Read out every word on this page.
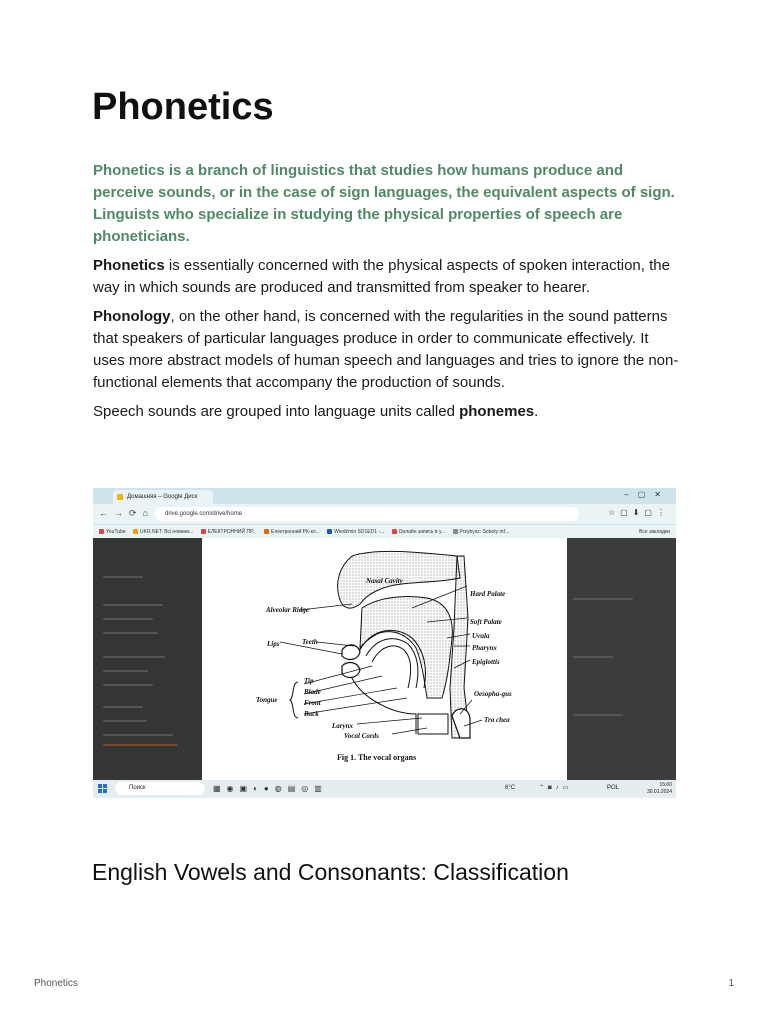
Phonetics

Phonetics is a branch of linguistics that studies how humans produce and perceive sounds, or in the case of sign languages, the equivalent aspects of sign. Linguists who specialize in studying the physical properties of speech are phoneticians.

Phonetics is essentially concerned with the physical aspects of spoken interaction, the way in which sounds are produced and transmitted from speaker to hearer.

Phonology, on the other hand, is concerned with the regularities in the sound patterns that speakers of particular languages produce in order to communicate effectively. It uses more abstract models of human speech and languages and tries to ignore the non-functional elements that accompany the production of sounds.

Speech sounds are grouped into language units called phonemes.

Домашняя – Google Диск	–▢✕
←→⟳⌂	drive.google.com/drive/home	☆▢⬇▢⋮
YouTube	UKR.NET: Всі новини...	ЕЛЕКТРОННИЙ ПР...	Електронний РК-ко...	Wiedźmin SD1ED1 -...	Онлайн запись в у...	Przybysz: Soboty inf...	Все закладки
Nasal Cavity
Hard Palate
Alveolar Ridge
Soft Palate
Lips	Teeth
Uvula
Pharynx
Epiglottis
Tip
Blade
Tongue	Front
Back
Oesopha-gus
Larynx
Tra chea
Vocal Cords
Fig 1. The vocal organs
Поиск	▦◉▣◐●◍▤◎▥	6°C	⌃◙♪▭	POL	15:00
30.01.2024
English Vowels and Consonants: Classification
Phonetics	1
